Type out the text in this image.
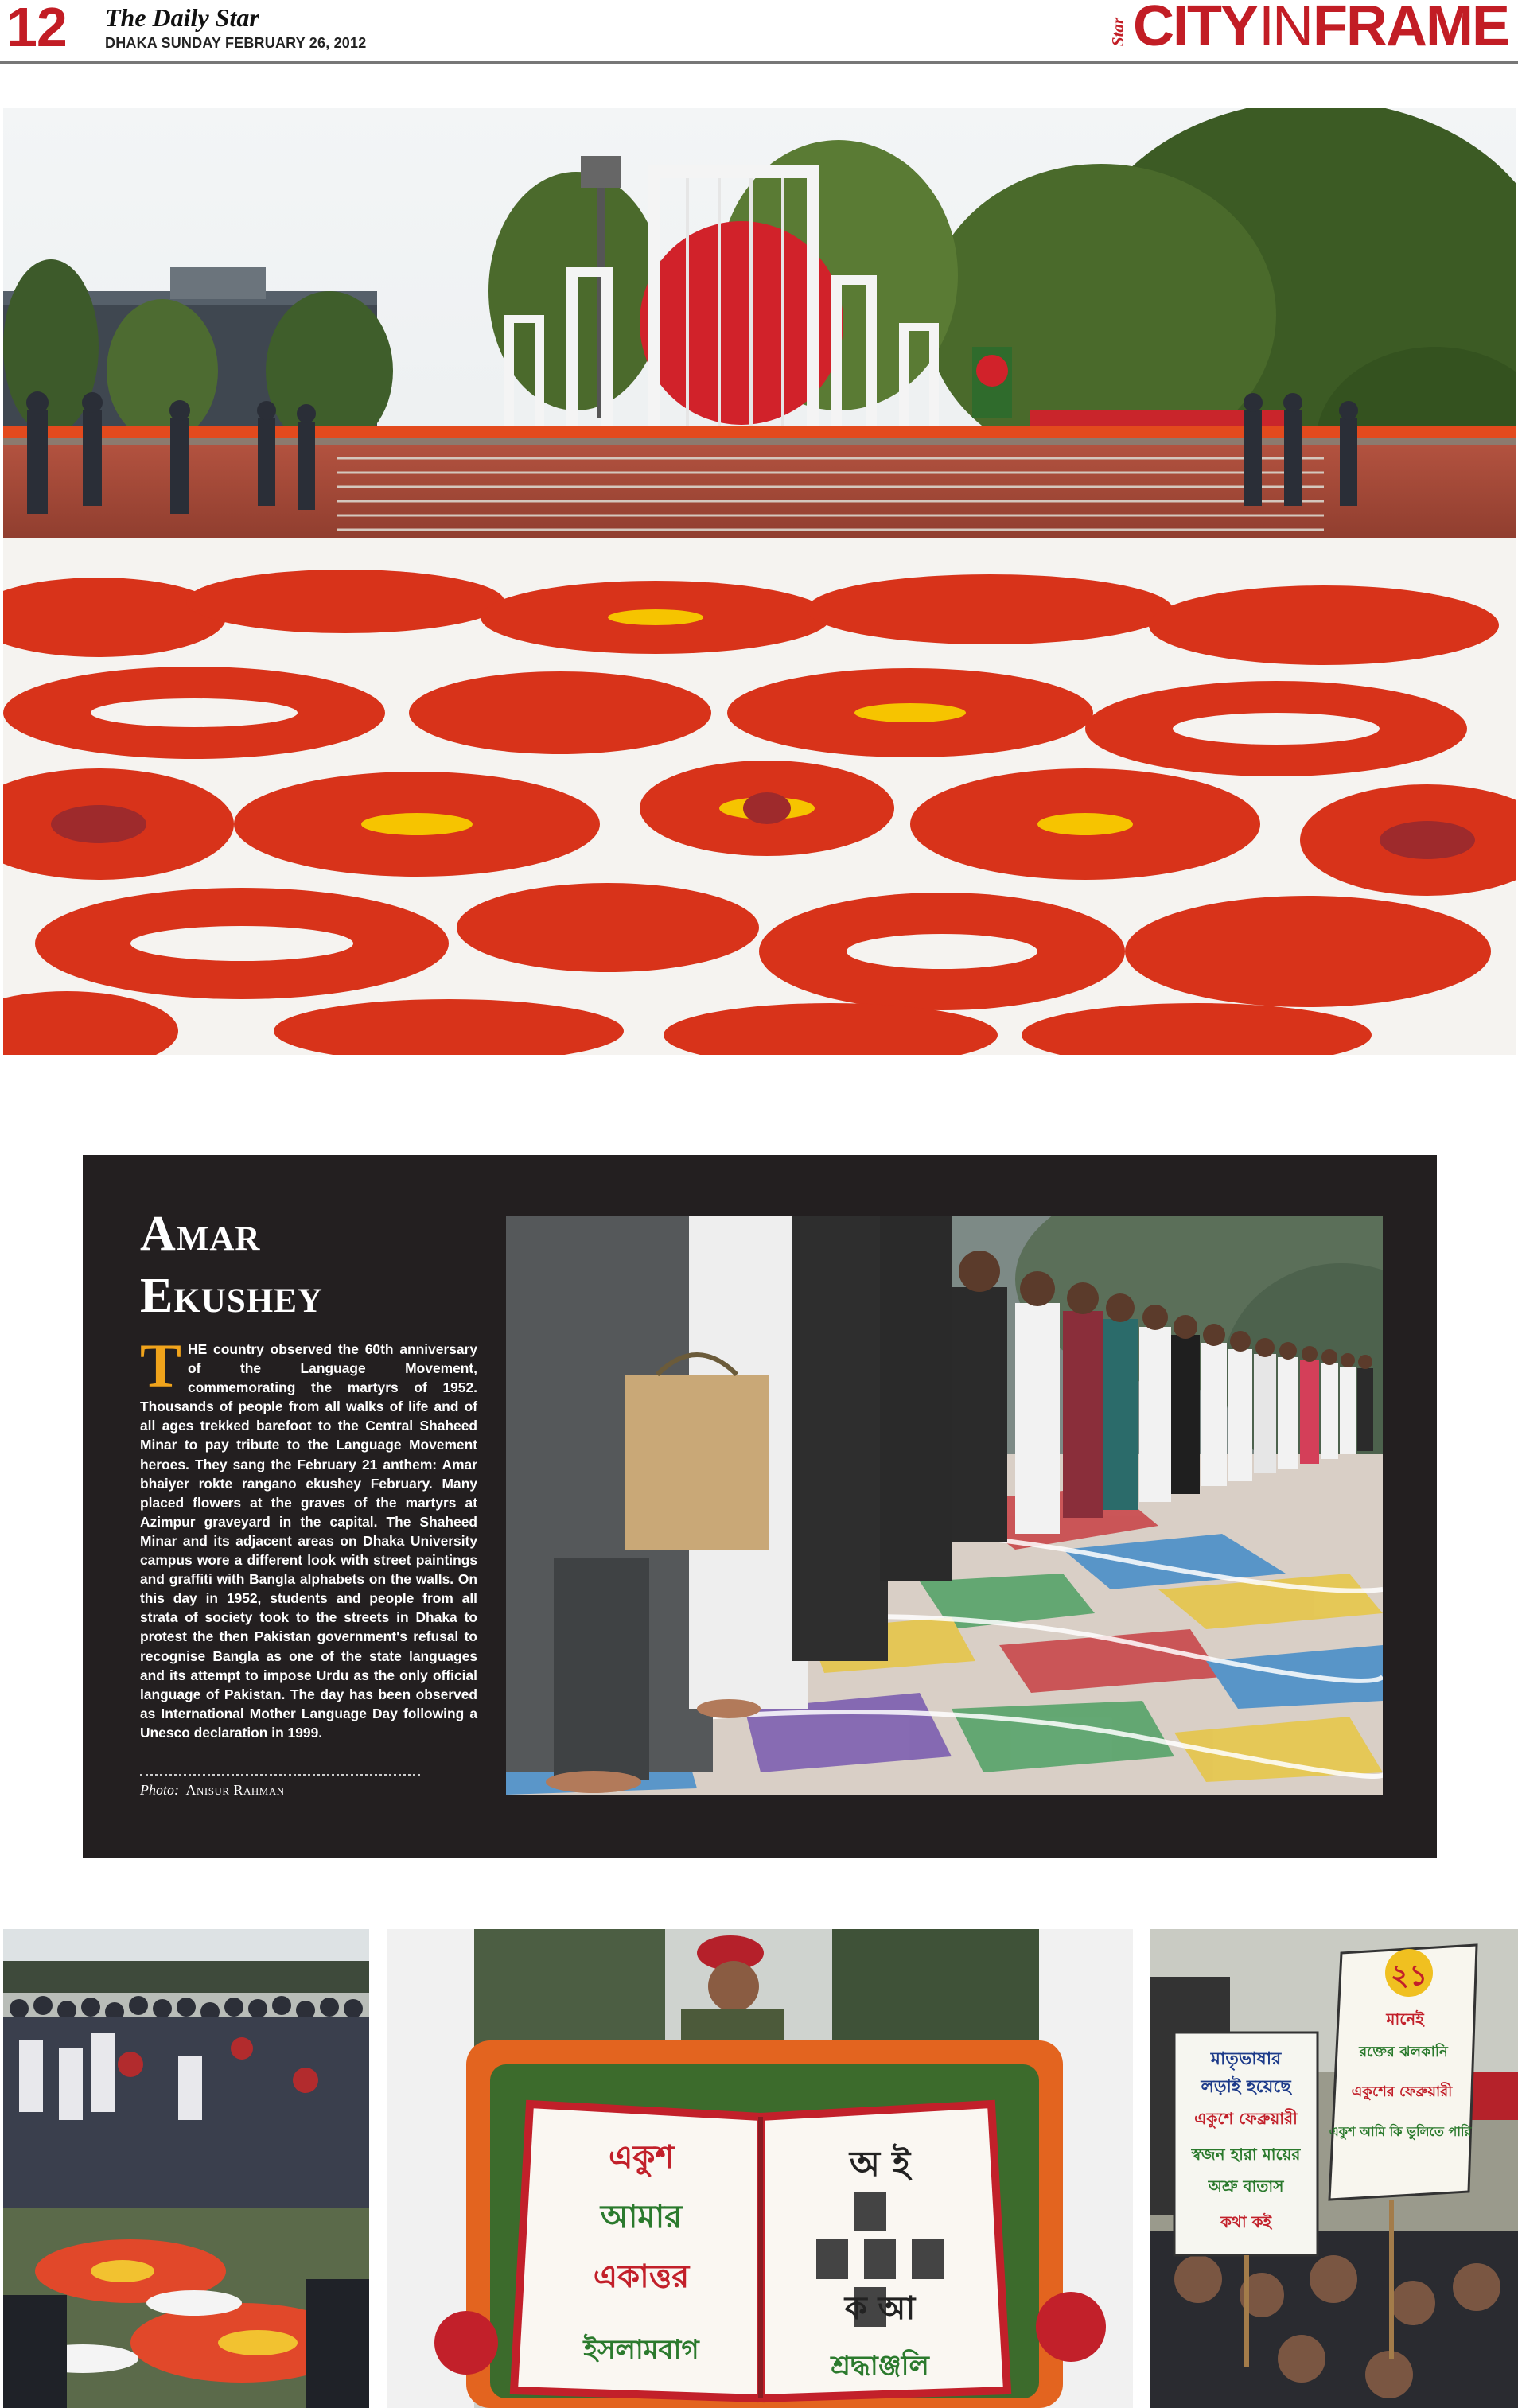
12 The Daily Star
DHAKA SUNDAY FEBRUARY 26, 2012	Star CITY IN FRAME
Amar
Ekushey
THE country observed the 60th anniversary of the Language Movement, commemorating the martyrs of 1952. Thousands of people from all walks of life and of all ages trekked barefoot to the Central Shaheed Minar to pay tribute to the Language Movement heroes. They sang the February 21 anthem: Amar bhaiyer rokte rangano ekushey February. Many placed flowers at the graves of the martyrs at Azimpur graveyard in the capital. The Shaheed Minar and its adjacent areas on Dhaka University campus wore a different look with street paintings and graffiti with Bangla alphabets on the walls. On this day in 1952, students and people from all strata of society took to the streets in Dhaka to protest the then Pakistan government's refusal to recognise Bangla as one of the state languages and its attempt to impose Urdu as the only official language of Pakistan. The day has been observed as International Mother Language Day following a Unesco declaration in 1999.
Photo: Anisur Rahman
একুশ
আমার
একাত্তর
ইসলামবাগ
অ ই
ক আ
শ্রদ্ধাঞ্জলি
মাতৃভাষার
লড়াই হয়েছে
একুশে ফেব্রুয়ারী
স্বজন হারা মায়ের
অশ্রু বাতাস
কথা কই
২১
মানেই
রক্তের ঝলকানি
একুশের ফেব্রুয়ারী
একুশ আমি কি ভুলিতে পারি
